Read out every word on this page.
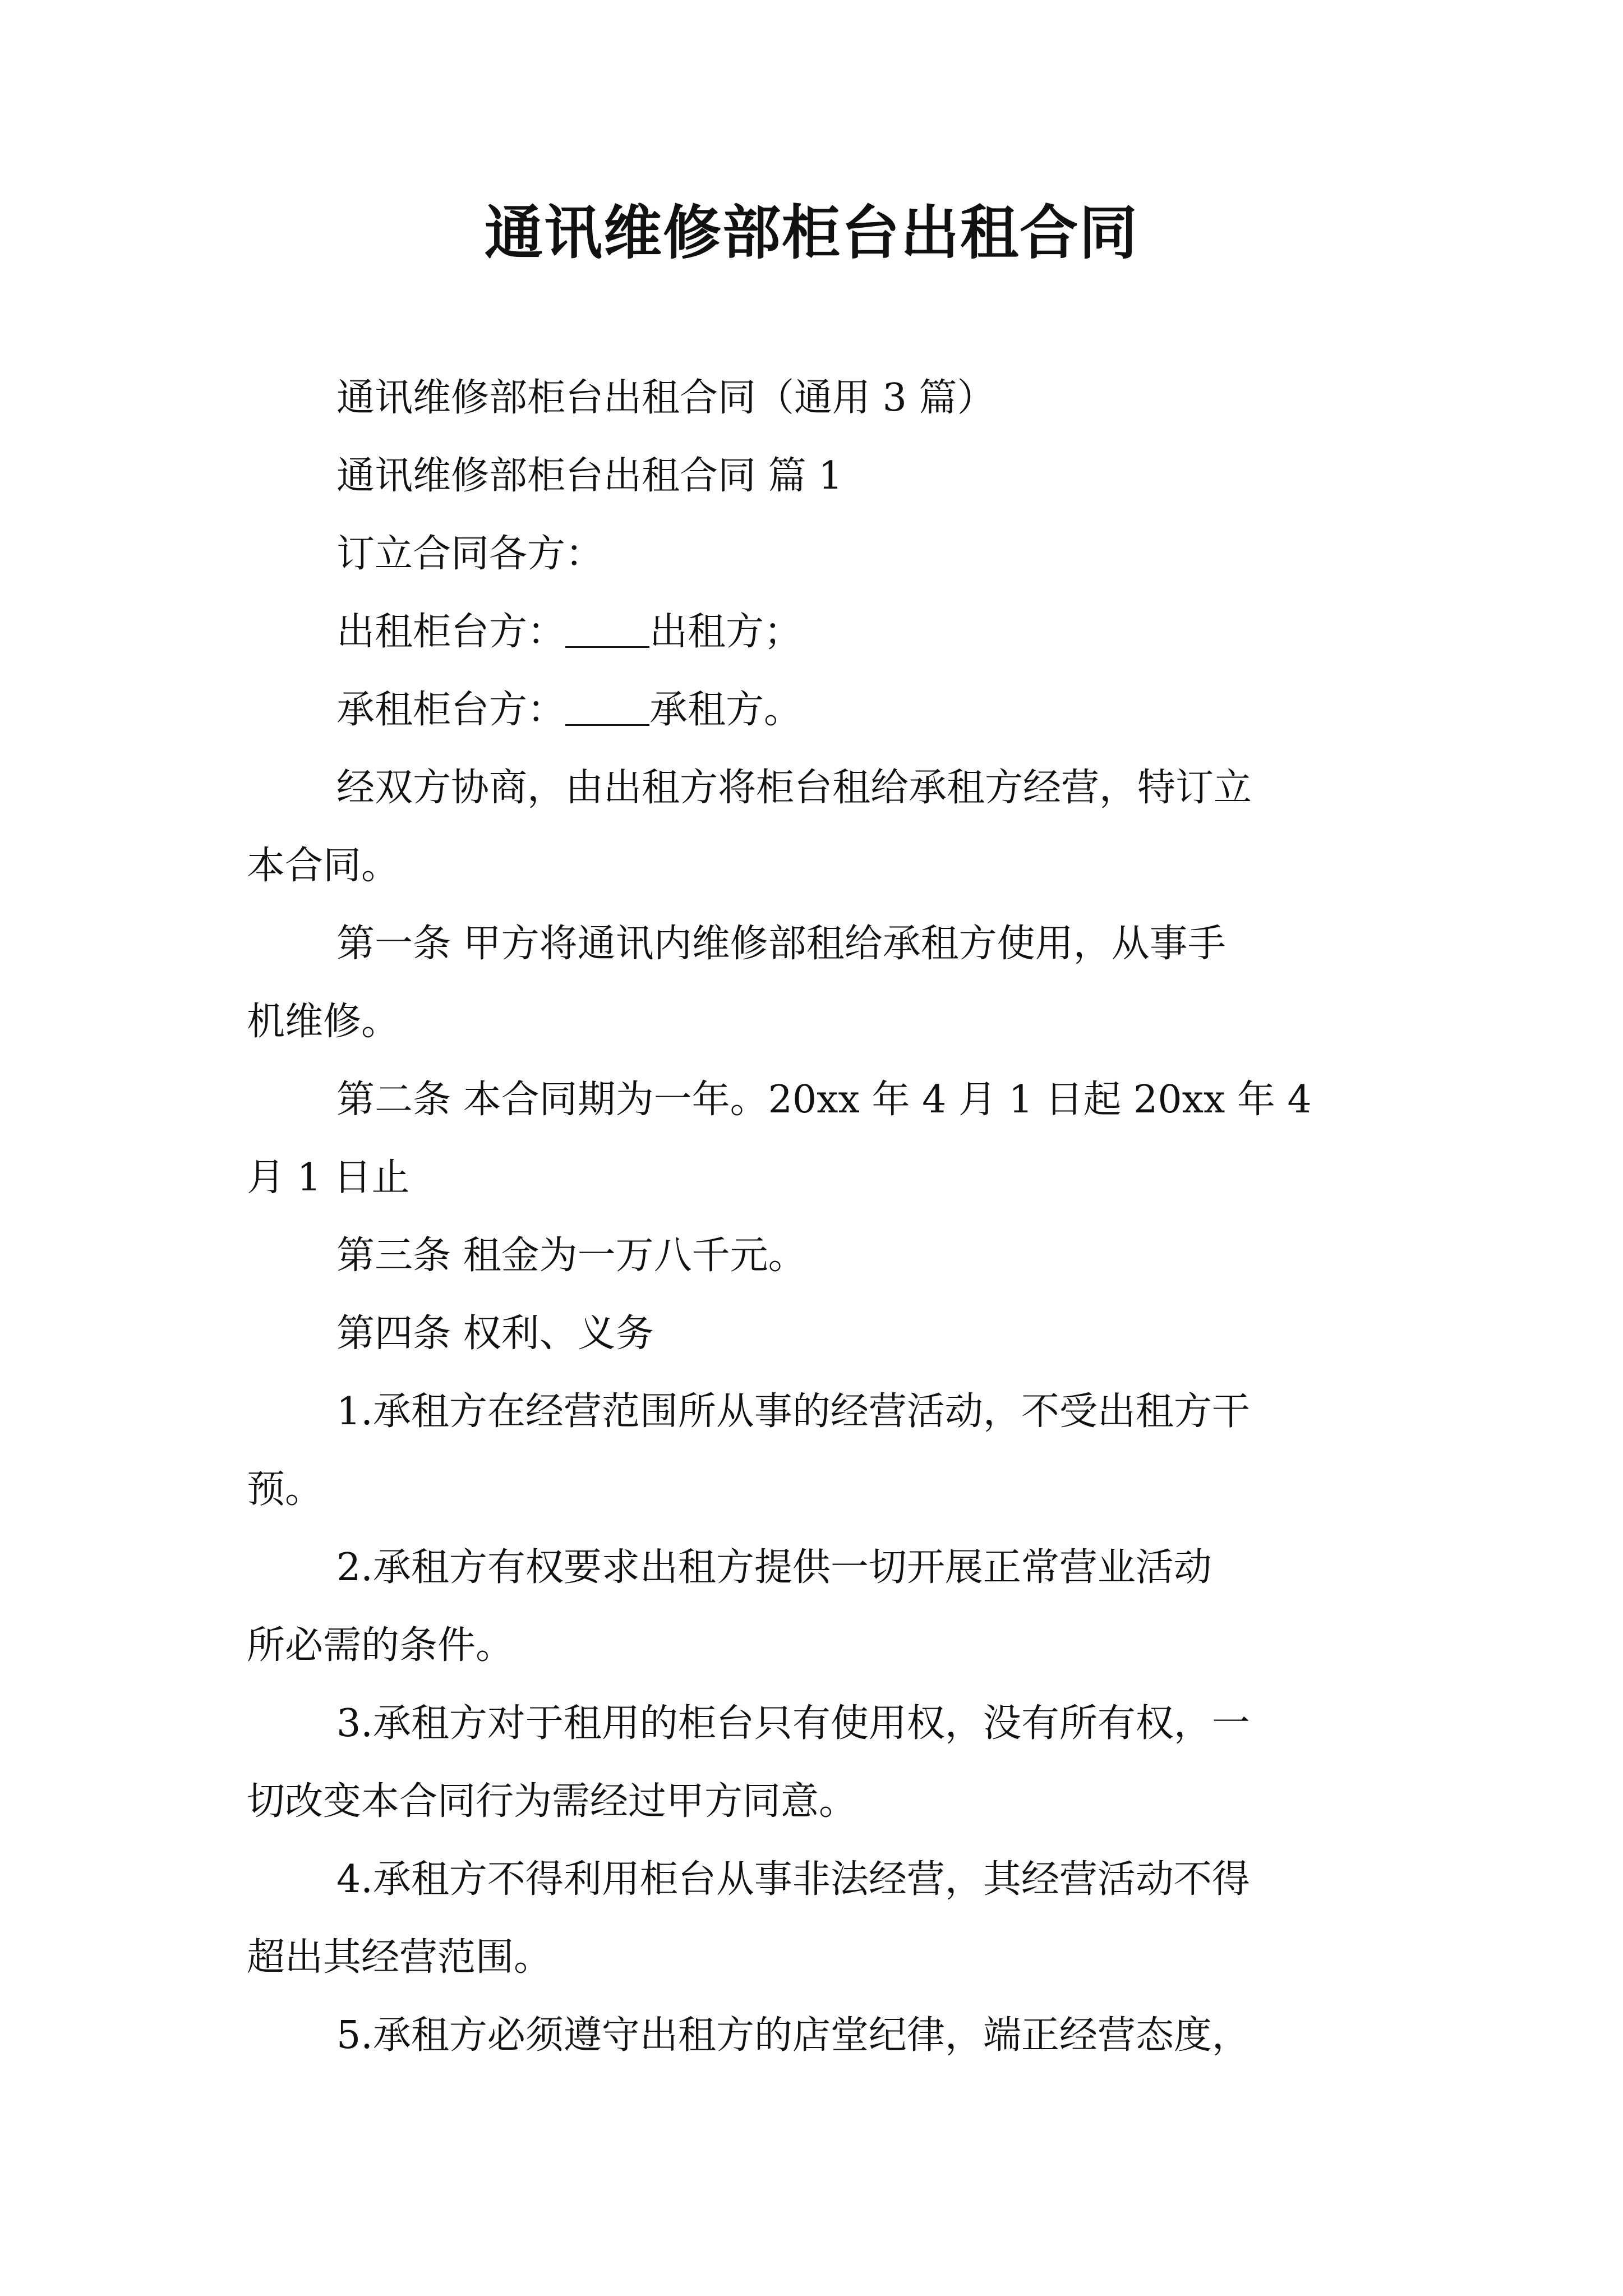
通讯维修部柜台出租合同

通讯维修部柜台出租合同（通用 3 篇）

通讯维修部柜台出租合同 篇 1

订立合同各方：

出租柜台方： 出租方；

承租柜台方： 承租方。

经双方协商，由出租方将柜台租给承租方经营，特订立
本合同。

第一条 甲方将通讯内维修部租给承租方使用，从事手
机维修。

第二条 本合同期为一年。20xx 年 4 月 1 日起 20xx 年 4
月 1 日止

第三条 租金为一万八千元。

第四条 权利、义务

1.承租方在经营范围所从事的经营活动，不受出租方干
预。

2.承租方有权要求出租方提供一切开展正常营业活动
所必需的条件。

3.承租方对于租用的柜台只有使用权，没有所有权，一
切改变本合同行为需经过甲方同意。

4.承租方不得利用柜台从事非法经营，其经营活动不得
超出其经营范围。

5.承租方必须遵守出租方的店堂纪律，端正经营态度，
